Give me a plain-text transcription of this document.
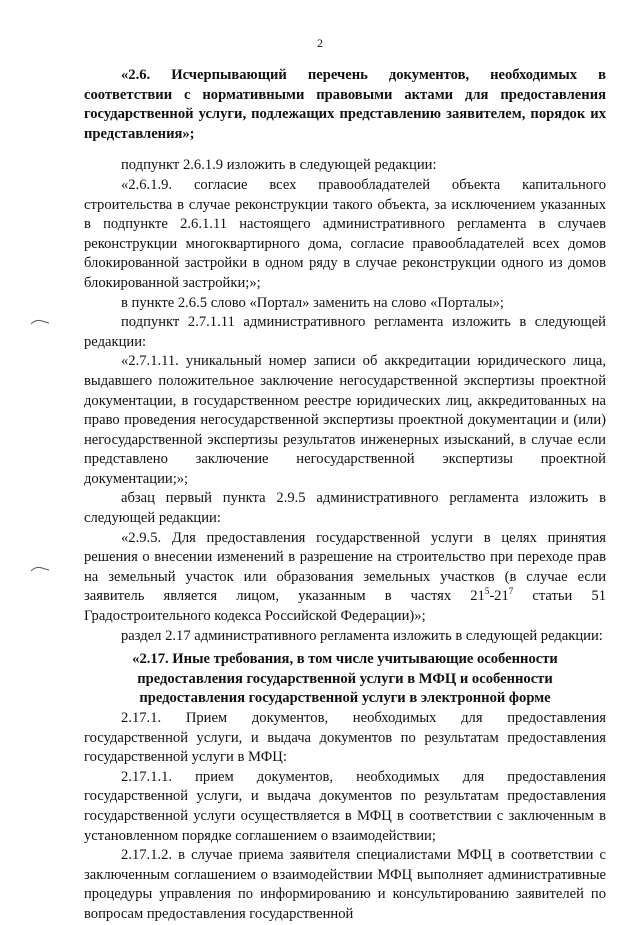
2

«2.6. Исчерпывающий перечень документов, необходимых в соответствии с нормативными правовыми актами для предоставления государственной услуги, подлежащих представлению заявителем, порядок их представления»;

подпункт 2.6.1.9 изложить в следующей редакции:

«2.6.1.9. согласие всех правообладателей объекта капитального строительства в случае реконструкции такого объекта, за исключением указанных в подпункте 2.6.1.11 настоящего административного регламента в случаев реконструкции многоквартирного дома, согласие правообладателей всех домов блокированной застройки в одном ряду в случае реконструкции одного из домов блокированной застройки;»;

в пункте 2.6.5 слово «Портал» заменить на слово «Порталы»;

подпункт 2.7.1.11 административного регламента изложить в следующей редакции:

«2.7.1.11. уникальный номер записи об аккредитации юридического лица, выдавшего положительное заключение негосударственной экспертизы проектной документации, в государственном реестре юридических лиц, аккредитованных на право проведения негосударственной экспертизы проектной документации и (или) негосударственной экспертизы результатов инженерных изысканий, в случае если представлено заключение негосударственной экспертизы проектной документации;»;

абзац первый пункта 2.9.5 административного регламента изложить в следующей редакции:

«2.9.5. Для предоставления государственной услуги в целях принятия решения о внесении изменений в разрешение на строительство при переходе прав на земельный участок или образования земельных участков (в случае если заявитель является лицом, указанным в частях $21^5-21^7$ статьи 51 Градостроительного кодекса Российской Федерации)»;

раздел 2.17 административного регламента изложить в следующей редакции:

«2.17. Иные требования, в том числе учитывающие особенности

предоставления государственной услуги в МФЦ и особенности

предоставления государственной услуги в электронной форме

2.17.1. Прием документов, необходимых для предоставления государственной услуги, и выдача документов по результатам предоставления государственной услуги в МФЦ:

2.17.1.1. прием документов, необходимых для предоставления государственной услуги, и выдача документов по результатам предоставления государственной услуги осуществляется в МФЦ в соответствии с заключенным в установленном порядке соглашением о взаимодействии;

2.17.1.2. в случае приема заявителя специалистами МФЦ в соответствии с заключенным соглашением о взаимодействии МФЦ выполняет административные процедуры управления по информированию и консультированию заявителей по вопросам предоставления государственной
